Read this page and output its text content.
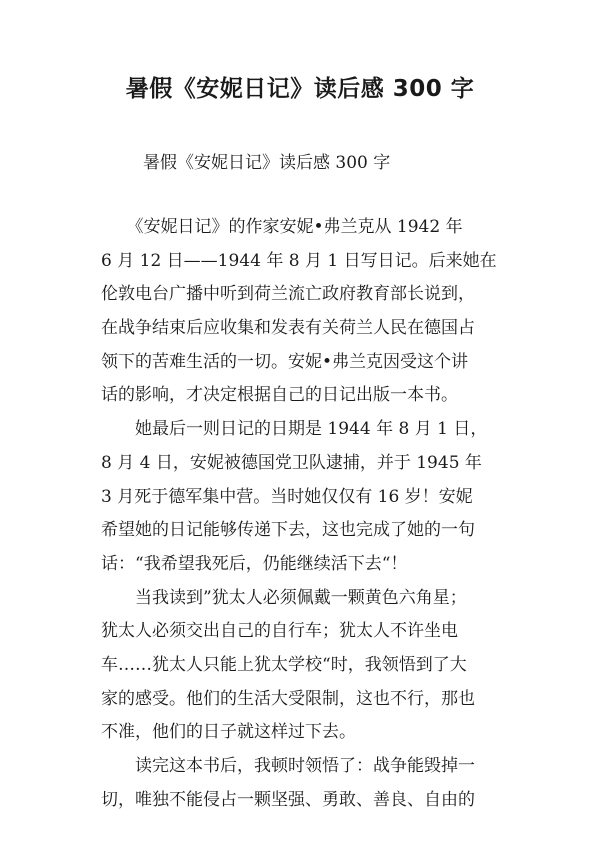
暑假《安妮日记》读后感 300 字

暑假《安妮日记》读后感 300 字

　　《安妮日记》的作家安妮•弗兰克从 1942 年
6 月 12 日——1944 年 8 月 1 日写日记。后来她在
伦敦电台广播中听到荷兰流亡政府教育部长说到，
在战争结束后应收集和发表有关荷兰人民在德国占
领下的苦难生活的一切。安妮•弗兰克因受这个讲
话的影响，才决定根据自己的日记出版一本书。
　　她最后一则日记的日期是 1944 年 8 月 1 日，
8 月 4 日，安妮被德国党卫队逮捕，并于 1945 年
3 月死于德军集中营。当时她仅仅有 16 岁！安妮
希望她的日记能够传递下去，这也完成了她的一句
话：“我希望我死后，仍能继续活下去“！
　　当我读到”犹太人必须佩戴一颗黄色六角星；
犹太人必须交出自己的自行车；犹太人不许坐电
车……犹太人只能上犹太学校“时，我领悟到了大
家的感受。他们的生活大受限制，这也不行，那也
不准，他们的日子就这样过下去。
　　读完这本书后，我顿时领悟了：战争能毁掉一
切，唯独不能侵占一颗坚强、勇敢、善良、自由的
